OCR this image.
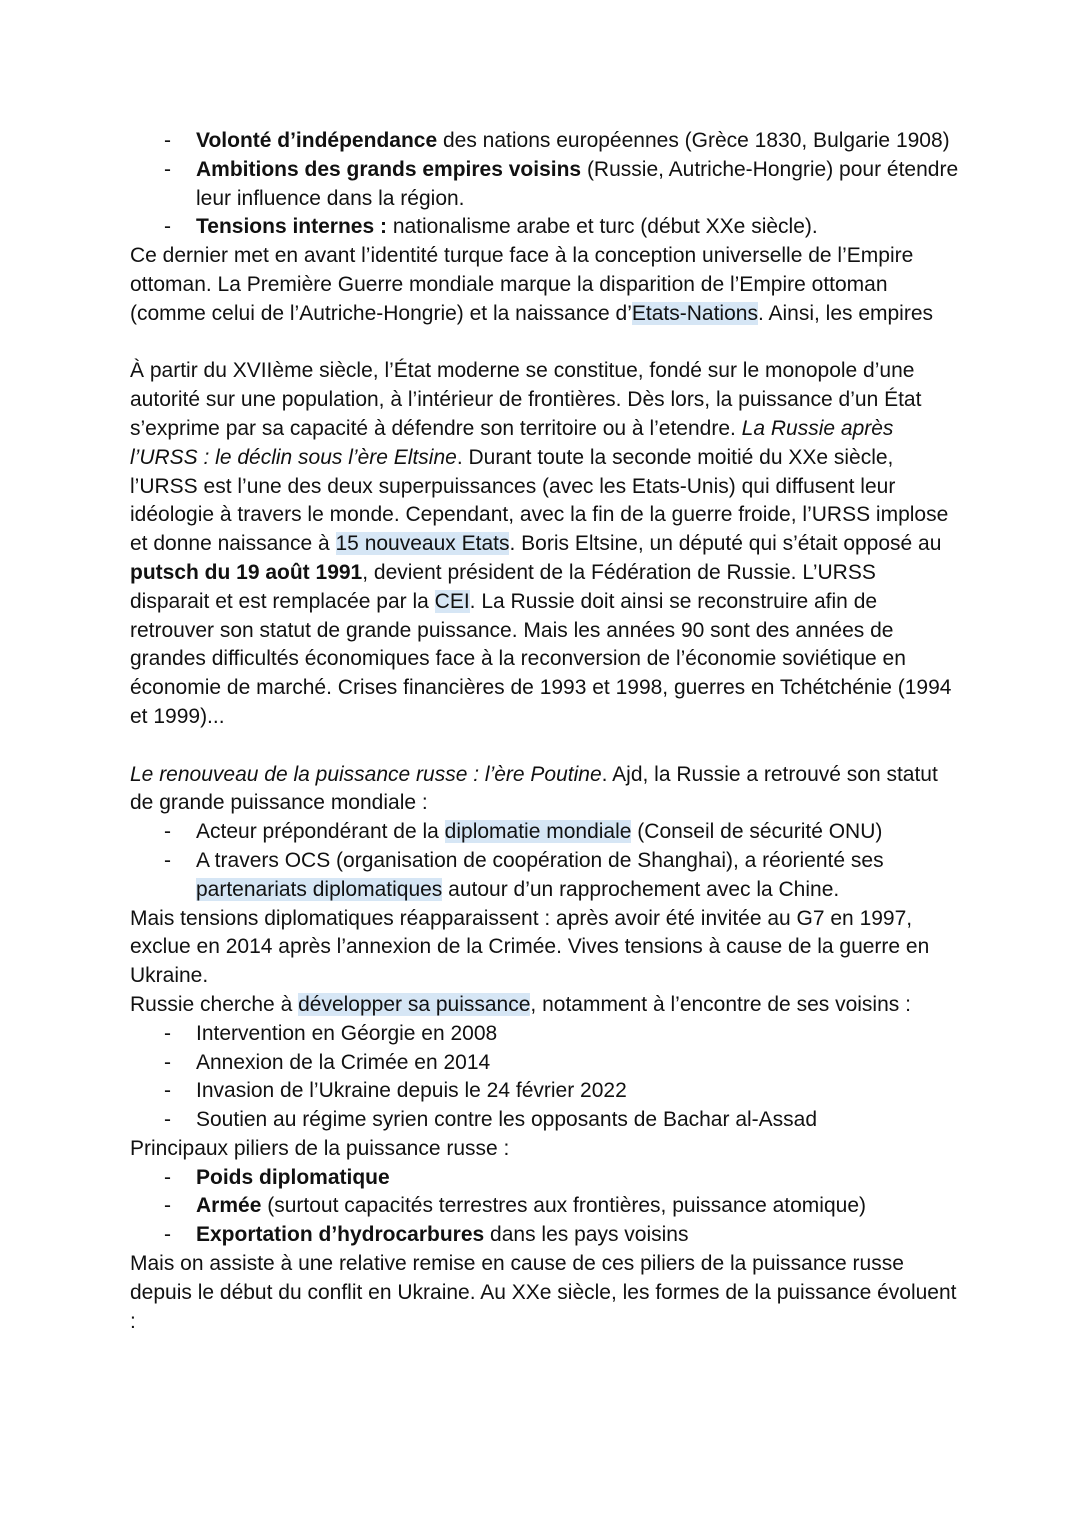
- Volonté d’indépendance des nations européennes (Grèce 1830, Bulgarie 1908)
- Ambitions des grands empires voisins (Russie, Autriche-Hongrie) pour étendre leur influence dans la région.
- Tensions internes : nationalisme arabe et turc (début XXe siècle).

Ce dernier met en avant l’identité turque face à la conception universelle de l’Empire ottoman. La Première Guerre mondiale marque la disparition de l’Empire ottoman (comme celui de l’Autriche-Hongrie) et la naissance d’Etats-Nations. Ainsi, les empires

À partir du XVIIème siècle, l’État moderne se constitue, fondé sur le monopole d’une autorité sur une population, à l’intérieur de frontières. Dès lors, la puissance d’un État s’exprime par sa capacité à défendre son territoire ou à l’etendre. La Russie après l’URSS : le déclin sous l’ère Eltsine. Durant toute la seconde moitié du XXe siècle, l’URSS est l’une des deux superpuissances (avec les Etats-Unis) qui diffusent leur idéologie à travers le monde. Cependant, avec la fin de la guerre froide, l’URSS implose et donne naissance à 15 nouveaux Etats. Boris Eltsine, un député qui s’était opposé au putsch du 19 août 1991, devient président de la Fédération de Russie. L’URSS disparait et est remplacée par la CEI. La Russie doit ainsi se reconstruire afin de retrouver son statut de grande puissance. Mais les années 90 sont des années de grandes difficultés économiques face à la reconversion de l’économie soviétique en économie de marché. Crises financières de 1993 et 1998, guerres en Tchétchénie (1994 et 1999)...

Le renouveau de la puissance russe : l’ère Poutine. Ajd, la Russie a retrouvé son statut de grande puissance mondiale :

- Acteur prépondérant de la diplomatie mondiale (Conseil de sécurité ONU)
- A travers OCS (organisation de coopération de Shanghai), a réorienté ses partenariats diplomatiques autour d’un rapprochement avec la Chine.

Mais tensions diplomatiques réapparaissent : après avoir été invitée au G7 en 1997, exclue en 2014 après l’annexion de la Crimée. Vives tensions à cause de la guerre en Ukraine.

Russie cherche à développer sa puissance, notamment à l’encontre de ses voisins :

- Intervention en Géorgie en 2008
- Annexion de la Crimée en 2014
- Invasion de l’Ukraine depuis le 24 février 2022
- Soutien au régime syrien contre les opposants de Bachar al-Assad

Principaux piliers de la puissance russe :

- Poids diplomatique
- Armée (surtout capacités terrestres aux frontières, puissance atomique)
- Exportation d’hydrocarbures dans les pays voisins

Mais on assiste à une relative remise en cause de ces piliers de la puissance russe depuis le début du conflit en Ukraine. Au XXe siècle, les formes de la puissance évoluent :
